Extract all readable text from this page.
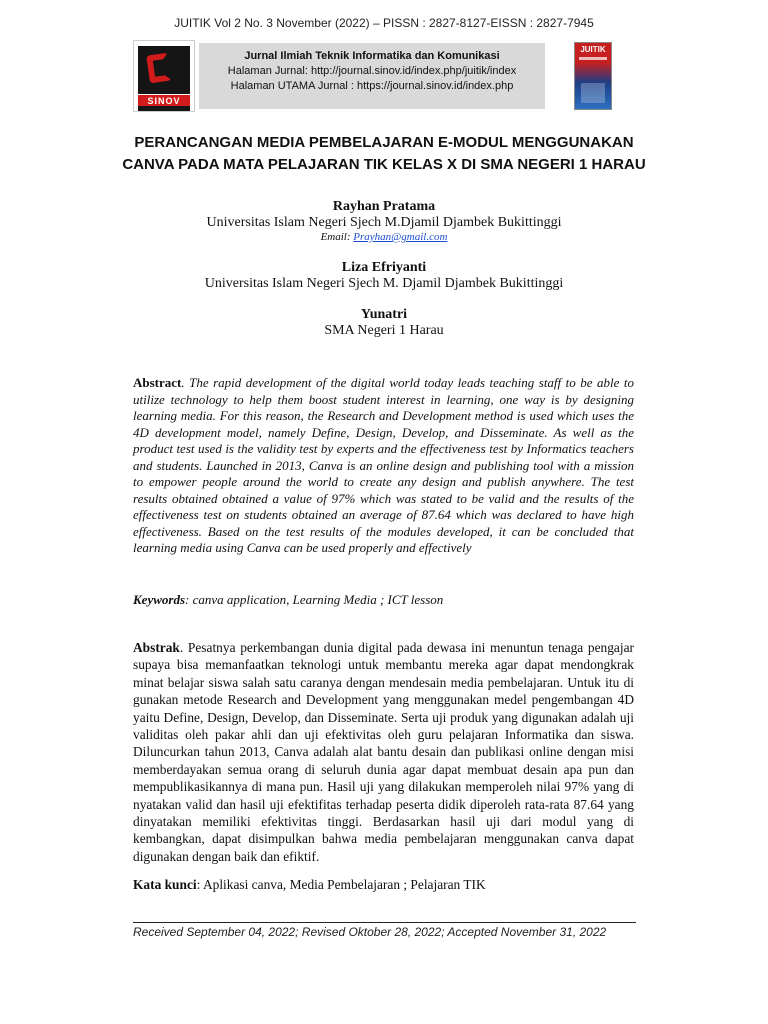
JUITIK Vol 2 No. 3 November (2022) – PISSN : 2827-8127-EISSN : 2827-7945
SINOV
Jurnal Ilmiah Teknik Informatika dan Komunikasi
Halaman Jurnal: http://journal.sinov.id/index.php/juitik/index
Halaman UTAMA Jurnal : https://journal.sinov.id/index.php
JUITIK
PERANCANGAN MEDIA PEMBELAJARAN E-MODUL MENGGUNAKAN
CANVA PADA MATA PELAJARAN TIK KELAS X DI SMA NEGERI 1 HARAU
Rayhan Pratama
Universitas Islam Negeri Sjech M.Djamil Djambek Bukittinggi
Email: Prayhan@gmail.com
Liza Efriyanti
Universitas Islam Negeri Sjech M. Djamil Djambek Bukittinggi
Yunatri
SMA Negeri 1 Harau
Abstract. The rapid development of the digital world today leads teaching staff to be able to utilize technology to help them boost student interest in learning, one way is by designing learning media. For this reason, the Research and Development method is used which uses the 4D development model, namely Define, Design, Develop, and Disseminate. As well as the product test used is the validity test by experts and the effectiveness test by Informatics teachers and students. Launched in 2013, Canva is an online design and publishing tool with a mission to empower people around the world to create any design and publish anywhere. The test results obtained obtained a value of 97% which was stated to be valid and the results of the effectiveness test on students obtained an average of 87.64 which was declared to have high effectiveness. Based on the test results of the modules developed, it can be concluded that learning media using Canva can be used properly and effectively
Keywords: canva application, Learning Media ; ICT lesson
Abstrak. Pesatnya perkembangan dunia digital pada dewasa ini menuntun tenaga pengajar supaya bisa memanfaatkan teknologi untuk membantu mereka agar dapat mendongkrak minat belajar siswa salah satu caranya dengan mendesain media pembelajaran. Untuk itu di gunakan metode Research and Development yang menggunakan medel pengembangan 4D yaitu Define, Design, Develop, dan Disseminate. Serta uji produk yang digunakan adalah uji validitas oleh pakar ahli dan uji efektivitas oleh guru pelajaran Informatika dan siswa. Diluncurkan tahun 2013, Canva adalah alat bantu desain dan publikasi online dengan misi memberdayakan semua orang di seluruh dunia agar dapat membuat desain apa pun dan mempublikasikannya di mana pun. Hasil uji yang dilakukan memperoleh nilai 97% yang di nyatakan valid dan hasil uji efektifitas terhadap peserta didik diperoleh rata-rata 87.64 yang dinyatakan memiliki efektivitas tinggi. Berdasarkan hasil uji dari modul yang di kembangkan, dapat disimpulkan bahwa media pembelajaran menggunakan canva dapat digunakan dengan baik dan efiktif.
Kata kunci: Aplikasi canva, Media Pembelajaran ; Pelajaran TIK
Received September 04, 2022; Revised Oktober 28, 2022; Accepted November 31, 2022
